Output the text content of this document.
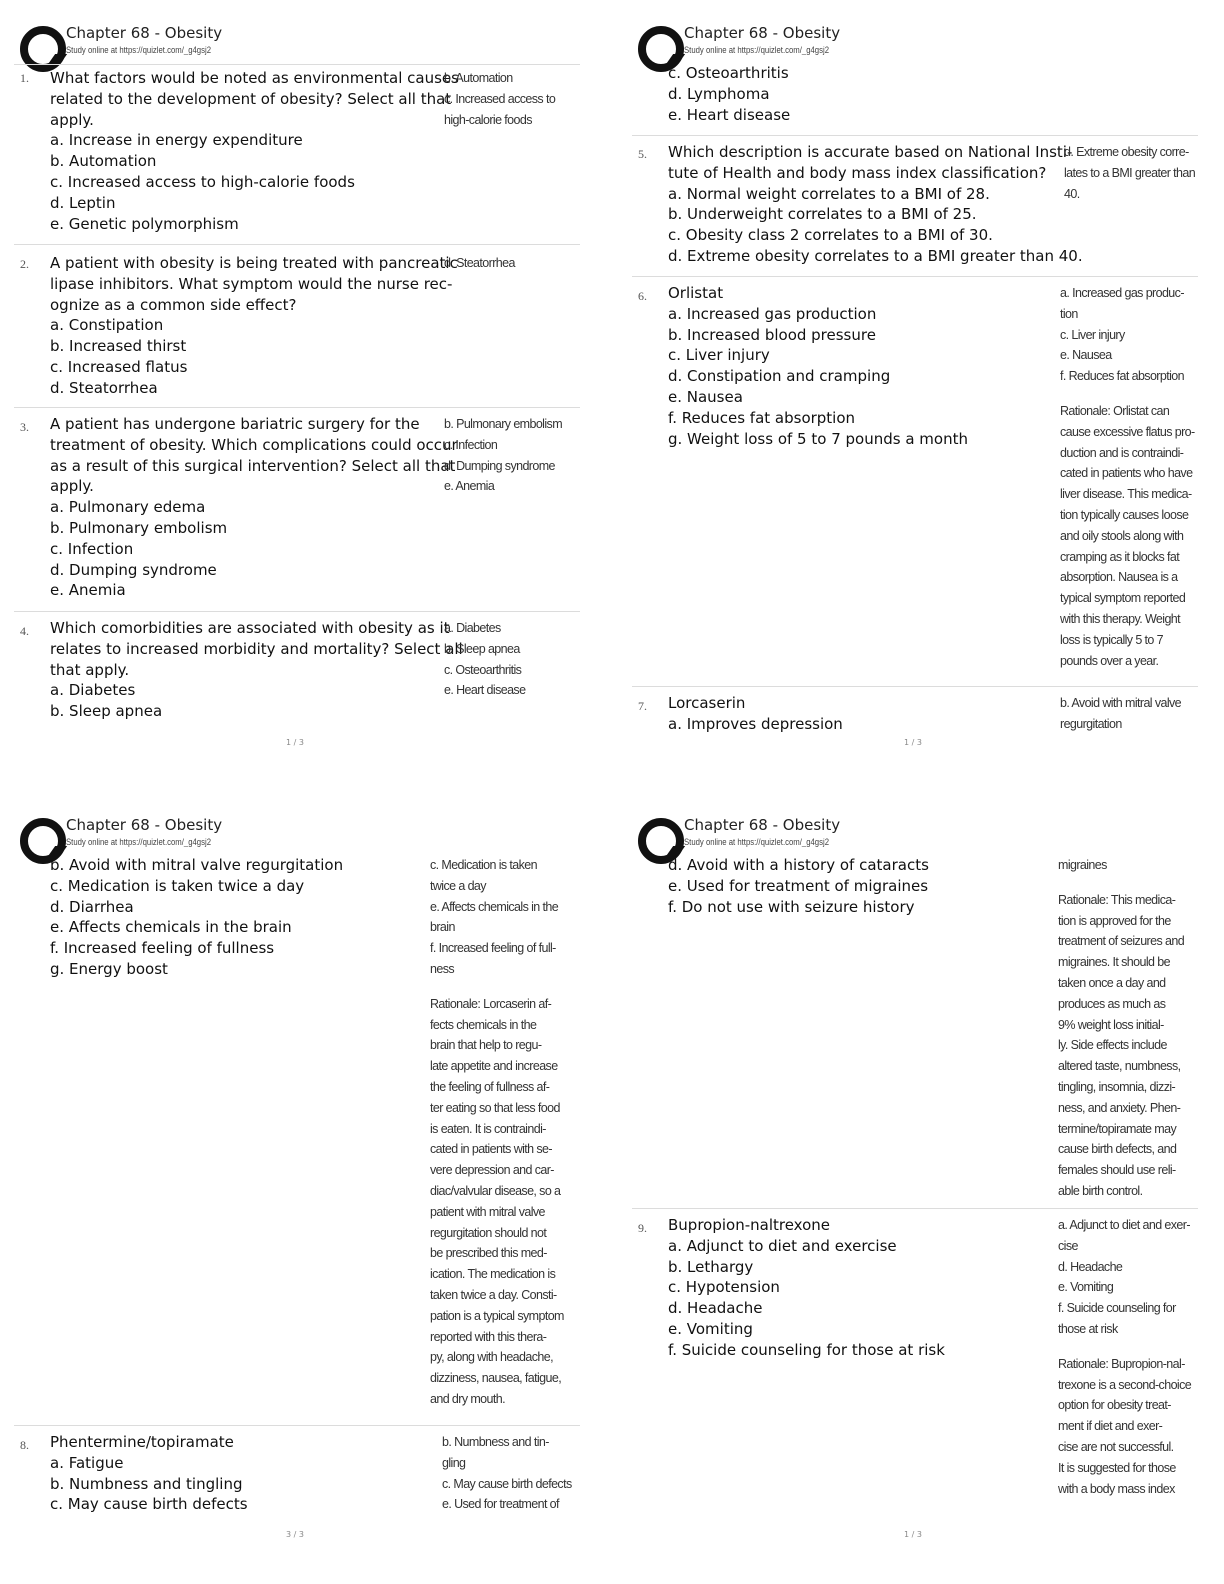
Chapter 68 - Obesity
Study online at https://quizlet.com/_g4gsj2
1. What factors would be noted as environmental causes
related to the development of obesity? Select all that
apply.
a. Increase in energy expenditure
b. Automation
c. Increased access to high-calorie foods
d. Leptin
e. Genetic polymorphism
b. Automation
c. Increased access to
high-calorie foods
2. A patient with obesity is being treated with pancreatic
lipase inhibitors. What symptom would the nurse rec-
ognize as a common side effect?
a. Constipation
b. Increased thirst
c. Increased flatus
d. Steatorrhea
d. Steatorrhea
3. A patient has undergone bariatric surgery for the
treatment of obesity. Which complications could occur
as a result of this surgical intervention? Select all that
apply.
a. Pulmonary edema
b. Pulmonary embolism
c. Infection
d. Dumping syndrome
e. Anemia
b. Pulmonary embolism
c. Infection
d. Dumping syndrome
e. Anemia
4. Which comorbidities are associated with obesity as it
relates to increased morbidity and mortality? Select all
that apply.
a. Diabetes
b. Sleep apnea
a. Diabetes
b. Sleep apnea
c. Osteoarthritis
e. Heart disease
1 / 3
Chapter 68 - Obesity
Study online at https://quizlet.com/_g4gsj2
c. Osteoarthritis
d. Lymphoma
e. Heart disease
5. Which description is accurate based on National Insti-
tute of Health and body mass index classification?
a. Normal weight correlates to a BMI of 28.
b. Underweight correlates to a BMI of 25.
c. Obesity class 2 correlates to a BMI of 30.
d. Extreme obesity correlates to a BMI greater than 40.
d. Extreme obesity corre-
lates to a BMI greater than
40.
6. Orlistat
a. Increased gas production
b. Increased blood pressure
c. Liver injury
d. Constipation and cramping
e. Nausea
f. Reduces fat absorption
g. Weight loss of 5 to 7 pounds a month
a. Increased gas produc-
tion
c. Liver injury
e. Nausea
f. Reduces fat absorption
Rationale: Orlistat can
cause excessive flatus pro-
duction and is contraindi-
cated in patients who have
liver disease. This medica-
tion typically causes loose
and oily stools along with
cramping as it blocks fat
absorption. Nausea is a
typical symptom reported
with this therapy. Weight
loss is typically 5 to 7
pounds over a year.
7. Lorcaserin
a. Improves depression
b. Avoid with mitral valve
regurgitation
1 / 3
Chapter 68 - Obesity
Study online at https://quizlet.com/_g4gsj2
b. Avoid with mitral valve regurgitation
c. Medication is taken twice a day
d. Diarrhea
e. Affects chemicals in the brain
f. Increased feeling of fullness
g. Energy boost
c. Medication is taken
twice a day
e. Affects chemicals in the
brain
f. Increased feeling of full-
ness
Rationale: Lorcaserin af-
fects chemicals in the
brain that help to regu-
late appetite and increase
the feeling of fullness af-
ter eating so that less food
is eaten. It is contraindi-
cated in patients with se-
vere depression and car-
diac/valvular disease, so a
patient with mitral valve
regurgitation should not
be prescribed this med-
ication. The medication is
taken twice a day. Consti-
pation is a typical symptom
reported with this thera-
py, along with headache,
dizziness, nausea, fatigue,
and dry mouth.
8. Phentermine/topiramate
a. Fatigue
b. Numbness and tingling
c. May cause birth defects
b. Numbness and tin-
gling
c. May cause birth defects
e. Used for treatment of
3 / 3
Chapter 68 - Obesity
Study online at https://quizlet.com/_g4gsj2
d. Avoid with a history of cataracts
e. Used for treatment of migraines
f. Do not use with seizure history
migraines
Rationale: This medica-
tion is approved for the
treatment of seizures and
migraines. It should be
taken once a day and
produces as much as
9% weight loss initial-
ly. Side effects include
altered taste, numbness,
tingling, insomnia, dizzi-
ness, and anxiety. Phen-
termine/topiramate may
cause birth defects, and
females should use reli-
able birth control.
9. Bupropion-naltrexone
a. Adjunct to diet and exercise
b. Lethargy
c. Hypotension
d. Headache
e. Vomiting
f. Suicide counseling for those at risk
a. Adjunct to diet and exer-
cise
d. Headache
e. Vomiting
f. Suicide counseling for
those at risk
Rationale: Bupropion-nal-
trexone is a second-choice
option for obesity treat-
ment if diet and exer-
cise are not successful.
It is suggested for those
with a body mass index
1 / 3
